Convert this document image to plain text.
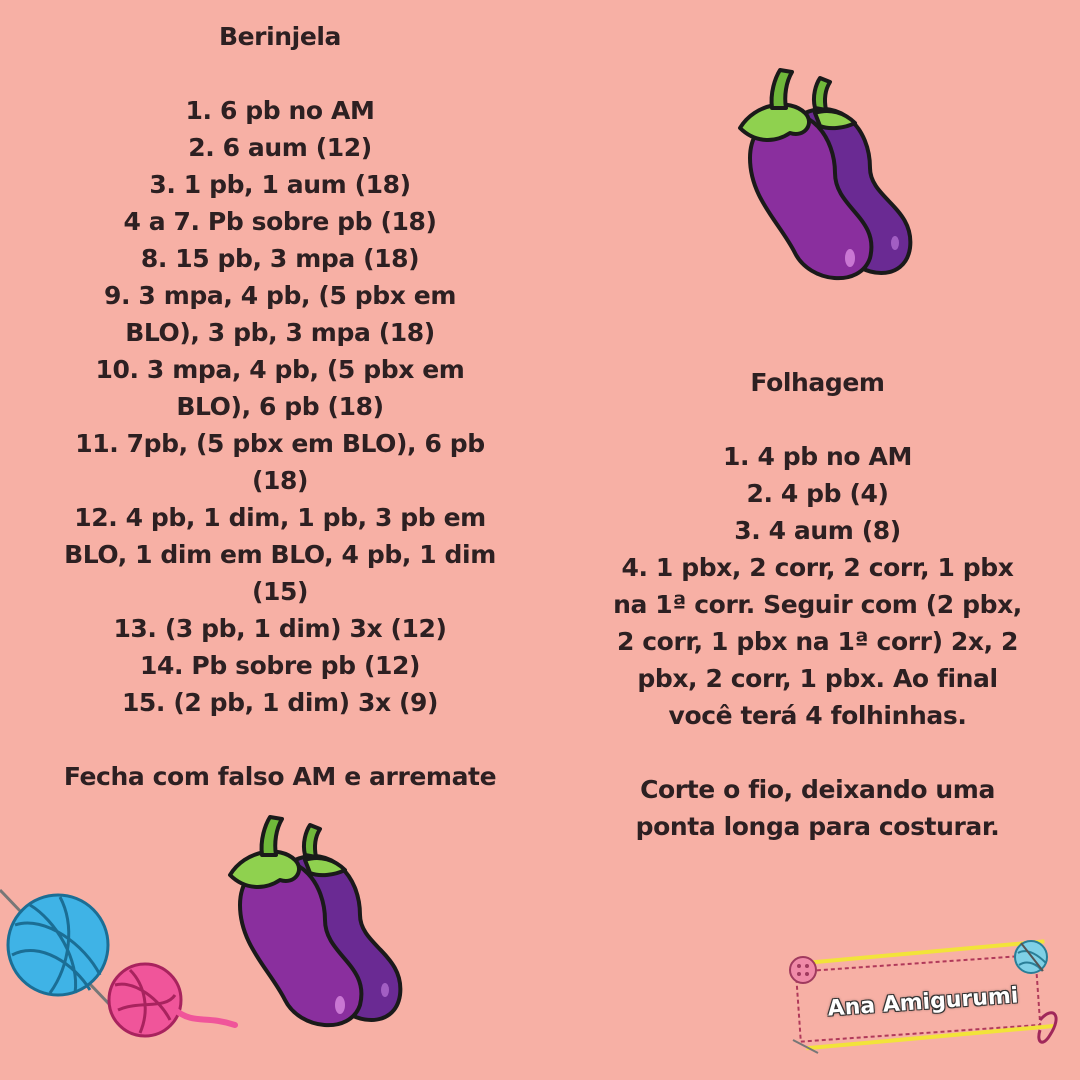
Berinjela
1. 6 pb no AM
2. 6 aum (12)
3. 1 pb, 1 aum (18)
4 a 7. Pb sobre pb (18)
8. 15 pb, 3 mpa (18)
9. 3 mpa, 4 pb, (5 pbx em
BLO), 3 pb, 3 mpa (18)
10. 3 mpa, 4 pb, (5 pbx em
BLO), 6 pb (18)
11. 7pb, (5 pbx em BLO), 6 pb
(18)
12. 4 pb, 1 dim, 1 pb, 3 pb em
BLO, 1 dim em BLO, 4 pb, 1 dim
(15)
13. (3 pb, 1 dim) 3x (12)
14. Pb sobre pb (12)
15. (2 pb, 1 dim) 3x (9)
Fecha com falso AM e arremate
Folhagem
1. 4 pb no AM
2. 4 pb (4)
3. 4 aum (8)
4. 1 pbx, 2 corr, 2 corr, 1 pbx
na 1ª corr. Seguir com (2 pbx,
2 corr, 1 pbx na 1ª corr) 2x, 2
pbx, 2 corr, 1 pbx. Ao final
você terá 4 folhinhas.
Corte o fio, deixando uma
ponta longa para costurar.
Ana Amigurumi
